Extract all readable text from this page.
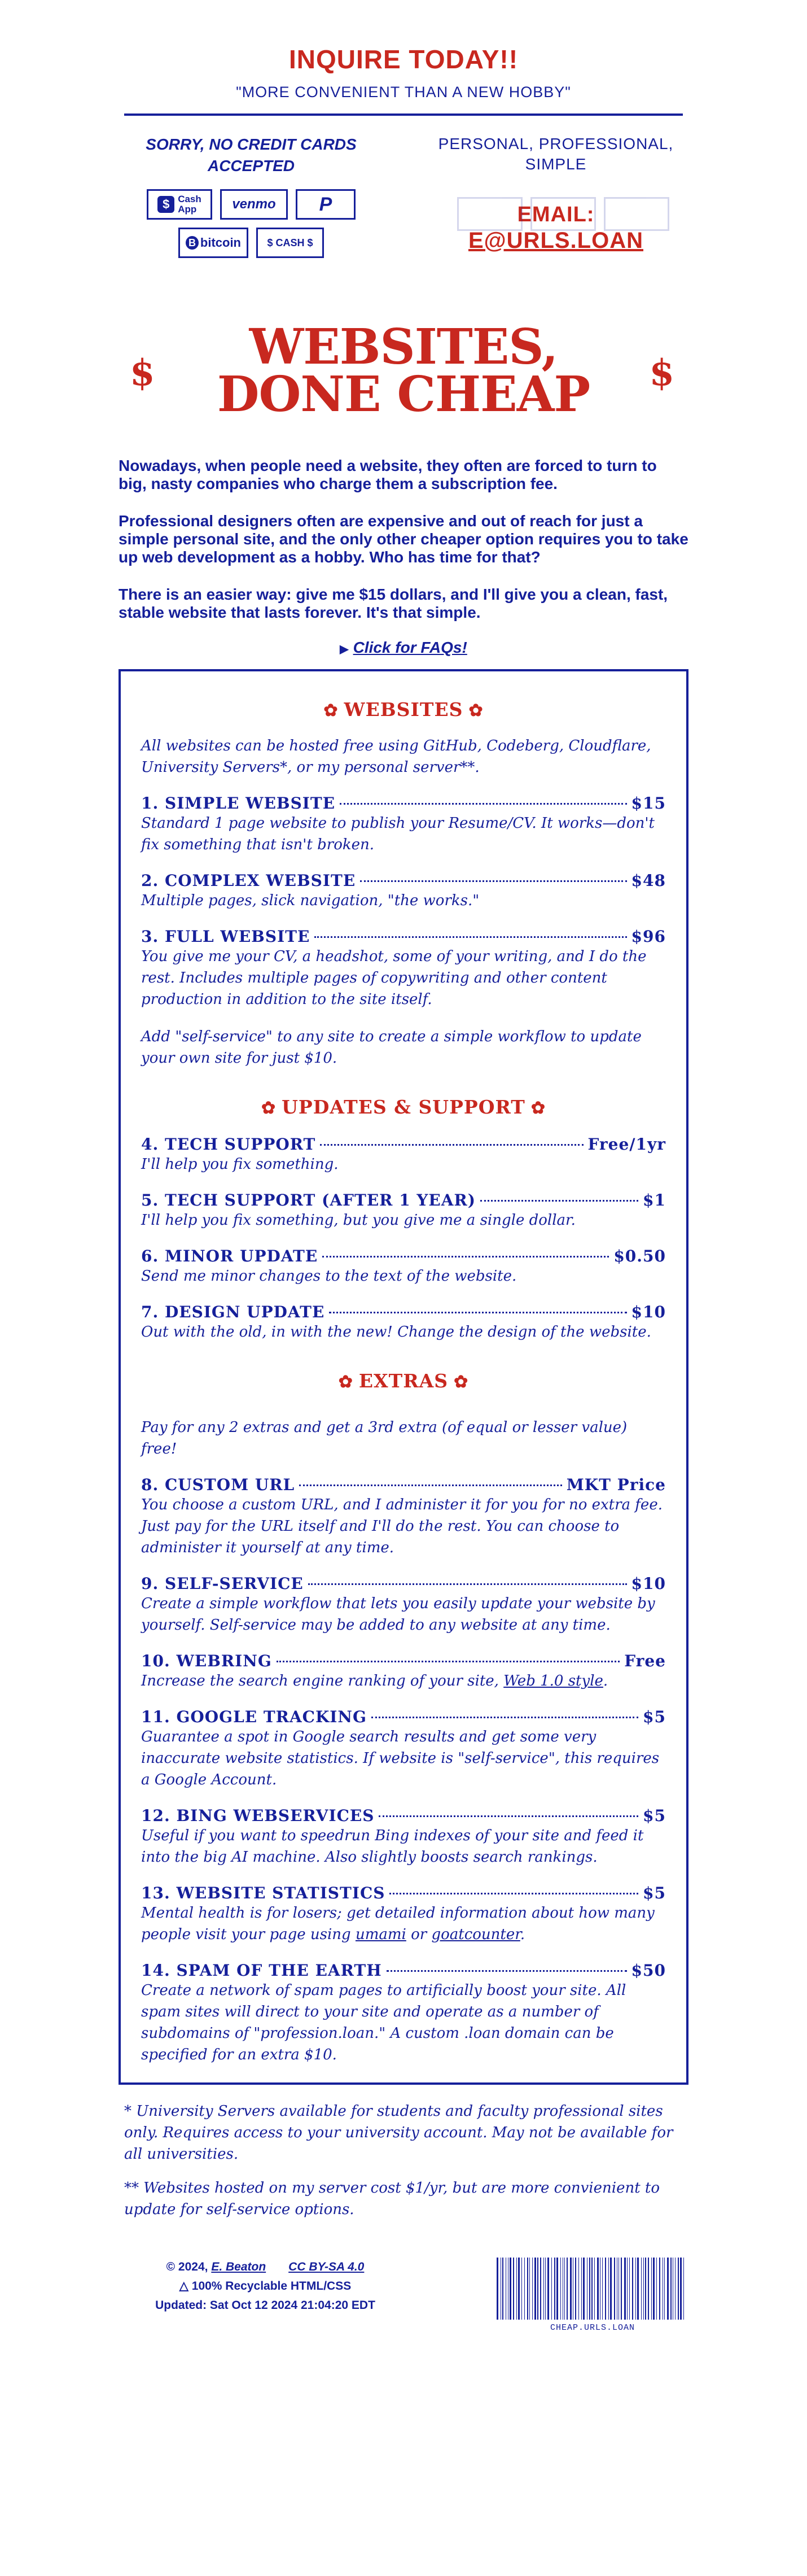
INQUIRE TODAY!!
"MORE CONVENIENT THAN A NEW HOBBY"
SORRY, NO CREDIT CARDS ACCEPTED
$ Cash
App	venmo	P
B bitcoin	$ CASH $
PERSONAL, PROFESSIONAL, SIMPLE
EMAIL:
E@URLS.LOAN
$	WEBSITES,
DONE CHEAP	$

Nowadays, when people need a website, they often are forced to turn to big, nasty companies who charge them a subscription fee.

Professional designers often are expensive and out of reach for just a simple personal site, and the only other cheaper option requires you to take up web development as a hobby. Who has time for that?

There is an easier way: give me $15 dollars, and I'll give you a clean, fast, stable website that lasts forever. It's that simple.

▶ Click for FAQs!
✿ WEBSITES ✿
All websites can be hosted free using GitHub, Codeberg, Cloudflare, University Servers*, or my personal server**.
1. SIMPLE WEBSITE	$15
Standard 1 page website to publish your Resume/CV. It works—don't fix something that isn't broken.
2. COMPLEX WEBSITE	$48
Multiple pages, slick navigation, "the works."
3. FULL WEBSITE	$96
You give me your CV, a headshot, some of your writing, and I do the rest. Includes multiple pages of copywriting and other content production in addition to the site itself.
Add "self-service" to any site to create a simple workflow to update your own site for just $10.
✿ UPDATES & SUPPORT ✿
4. TECH SUPPORT	Free/1yr
I'll help you fix something.
5. TECH SUPPORT (AFTER 1 YEAR)	$1
I'll help you fix something, but you give me a single dollar.
6. MINOR UPDATE	$0.50
Send me minor changes to the text of the website.
7. DESIGN UPDATE	$10
Out with the old, in with the new! Change the design of the website.
✿ EXTRAS ✿
Pay for any 2 extras and get a 3rd extra (of equal or lesser value) free!
8. CUSTOM URL	MKT Price
You choose a custom URL, and I administer it for you for no extra fee. Just pay for the URL itself and I'll do the rest. You can choose to administer it yourself at any time.
9. SELF-SERVICE	$10
Create a simple workflow that lets you easily update your website by yourself. Self-service may be added to any website at any time.
10. WEBRING	Free
Increase the search engine ranking of your site, Web 1.0 style.
11. GOOGLE TRACKING	$5
Guarantee a spot in Google search results and get some very inaccurate website statistics. If website is "self-service", this requires a Google Account.
12. BING WEBSERVICES	$5
Useful if you want to speedrun Bing indexes of your site and feed it into the big AI machine. Also slightly boosts search rankings.
13. WEBSITE STATISTICS	$5
Mental health is for losers; get detailed information about how many people visit your page using umami or goatcounter.
14. SPAM OF THE EARTH	$50
Create a network of spam pages to artificially boost your site. All spam sites will direct to your site and operate as a number of subdomains of "profession.loan." A custom .loan domain can be specified for an extra $10.

* University Servers available for students and faculty professional sites only. Requires access to your university account. May not be available for all universities.

** Websites hosted on my server cost $1/yr, but are more convienient to update for self-service options.

© 2024, E. Beaton CC BY-SA 4.0
△ 100% Recyclable HTML/CSS
Updated: Sat Oct 12 2024 21:04:20 EDT
CHEAP.URLS.LOAN
